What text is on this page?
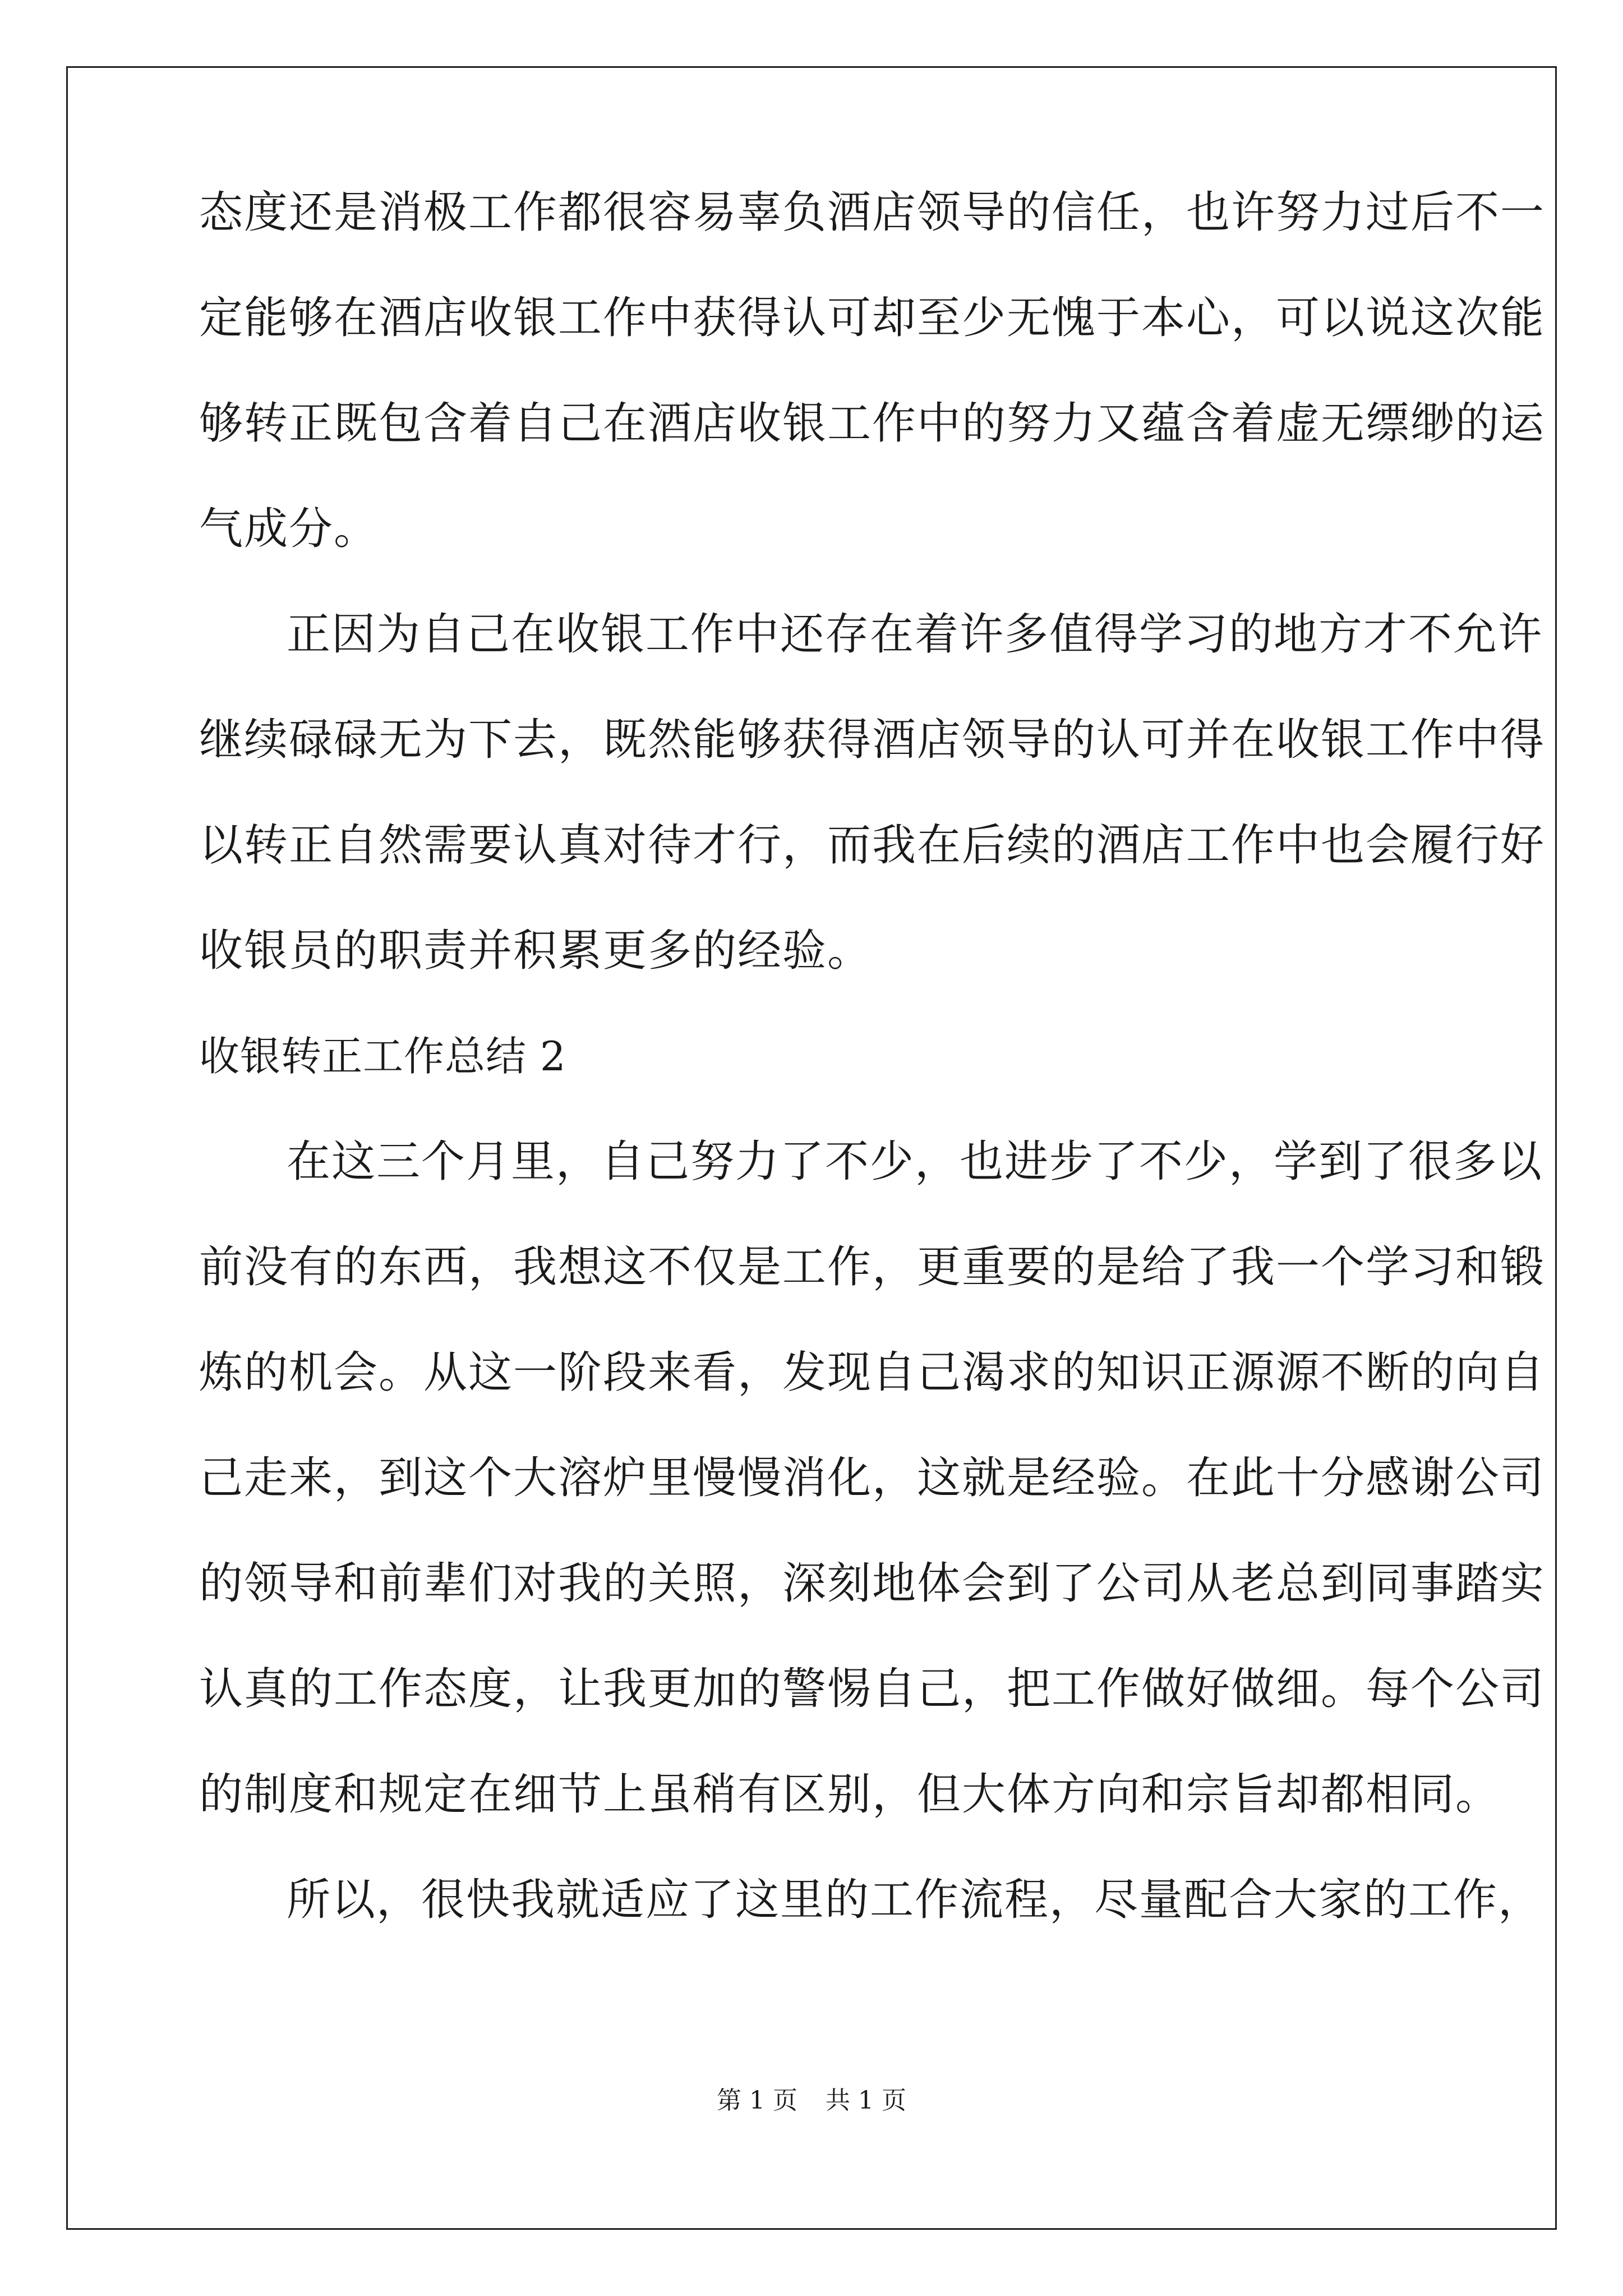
态度还是消极工作都很容易辜负酒店领导的信任，也许努力过后不一
定能够在酒店收银工作中获得认可却至少无愧于本心，可以说这次能
够转正既包含着自己在酒店收银工作中的努力又蕴含着虚无缥缈的运
气成分。
正因为自己在收银工作中还存在着许多值得学习的地方才不允许
继续碌碌无为下去，既然能够获得酒店领导的认可并在收银工作中得
以转正自然需要认真对待才行，而我在后续的酒店工作中也会履行好
收银员的职责并积累更多的经验。
收银转正工作总结 2
在这三个月里，自己努力了不少，也进步了不少，学到了很多以
前没有的东西，我想这不仅是工作，更重要的是给了我一个学习和锻
炼的机会。从这一阶段来看，发现自己渴求的知识正源源不断的向自
己走来，到这个大溶炉里慢慢消化，这就是经验。在此十分感谢公司
的领导和前辈们对我的关照，深刻地体会到了公司从老总到同事踏实
认真的工作态度，让我更加的警惕自己，把工作做好做细。每个公司
的制度和规定在细节上虽稍有区别，但大体方向和宗旨却都相同。
所以，很快我就适应了这里的工作流程，尽量配合大家的工作，
第 1 页 共 1 页
